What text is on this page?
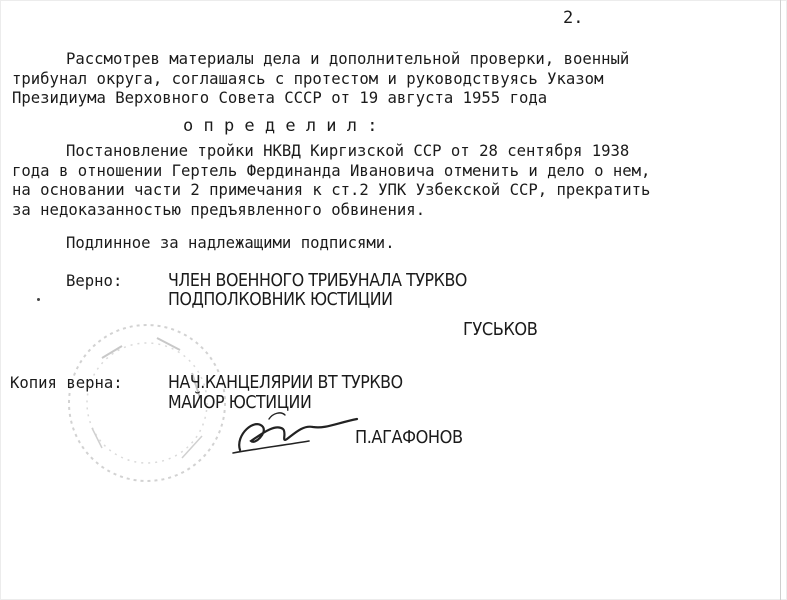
2.
Рассмотрев материалы дела и дополнительной проверки, военный
трибунал округа, соглашаясь с протестом и руководствуясь Указом
Президиума Верховного Совета СССР от 19 августа 1955 года
о п р е д е л и л :
Постановление тройки НКВД Киргизской ССР от 28 сентября 1938
года в отношении Гертель Фердинанда Ивановича отменить и дело о нем,
на основании части 2 примечания к ст.2 УПК Узбекской ССР, прекратить
за недоказанностью предъявленного обвинения.
Подлинное за надлежащими подписями.
Верно:	ЧЛЕН ВОЕННОГО ТРИБУНАЛА ТУРКВО
ПОДПОЛКОВНИК ЮСТИЦИИ
ГУСЬКОВ
Копия верна:	НАЧ.КАНЦЕЛЯРИИ ВТ ТУРКВО
МАЙОР ЮСТИЦИИ
П.АГАФОНОВ
